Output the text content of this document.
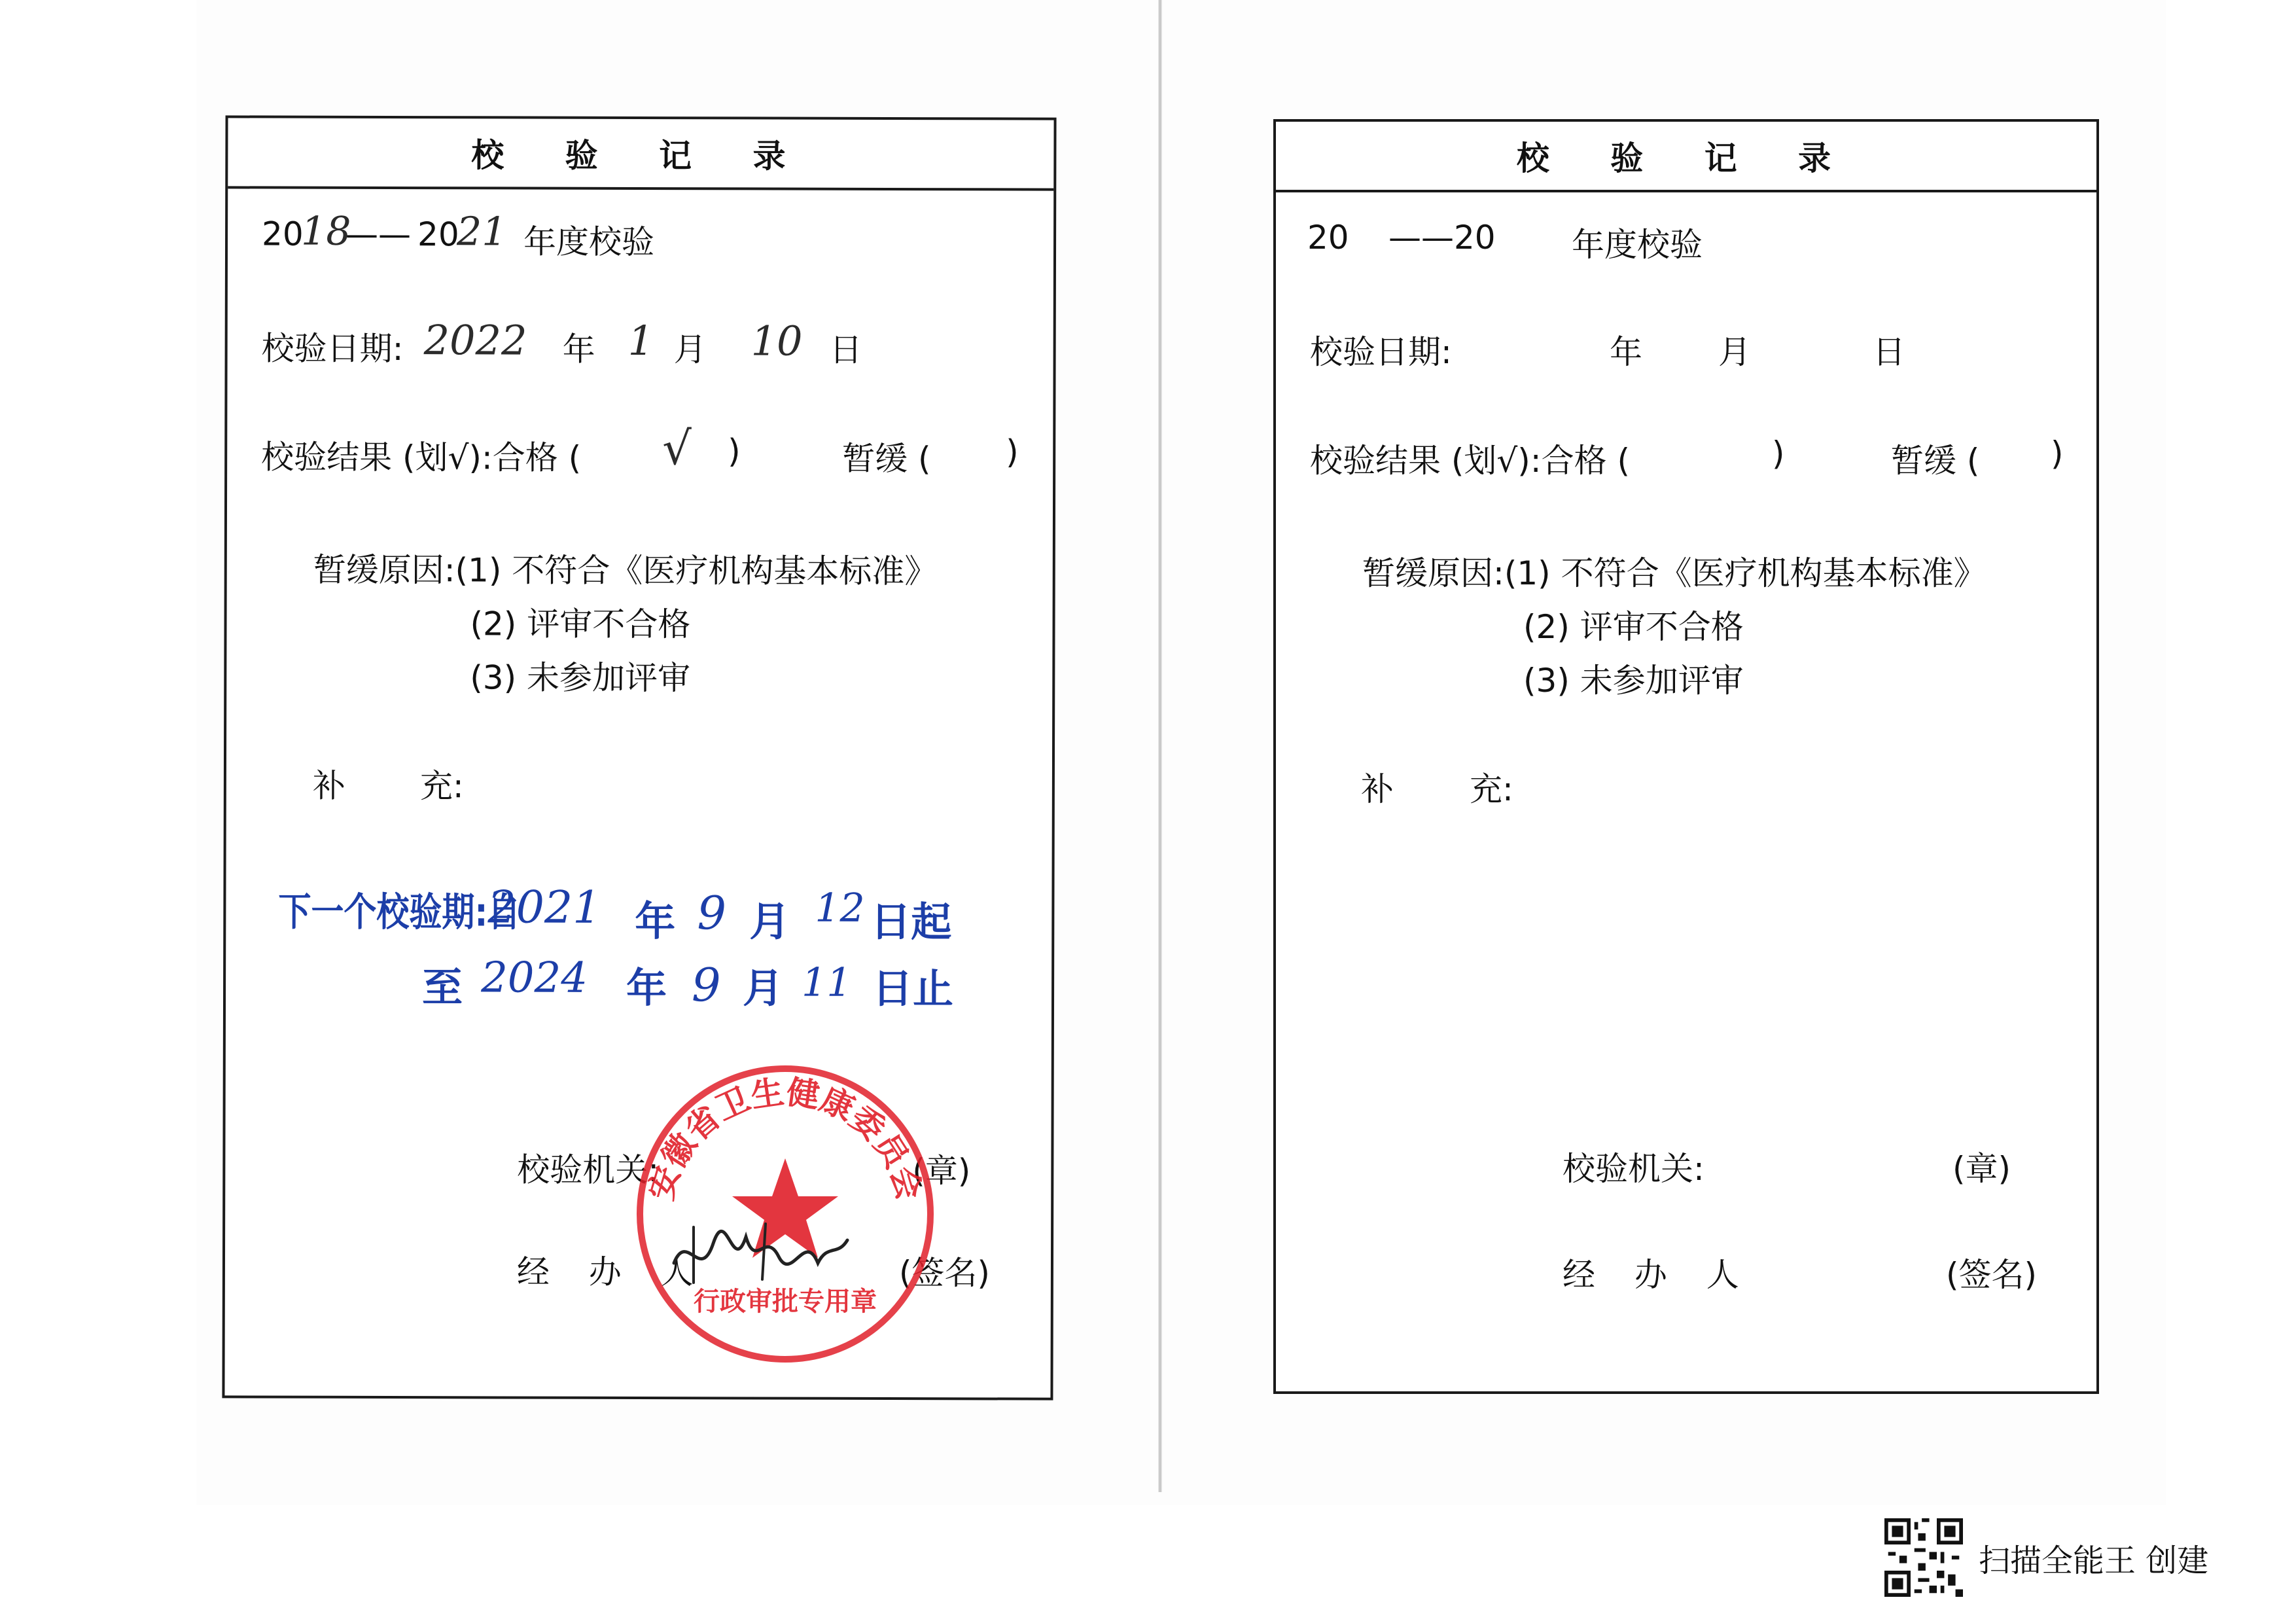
校 验 记 录
20
18
—— 20
21 年度校验
校验日期: 2022 年 1 月 10 日
校验结果 (划√):合格 ( √ )	暂缓 ( )
暂缓原因:(1) 不符合《医疗机构基本标准》
(2) 评审不合格
(3) 未参加评审
补 充:
下一个校验期:自
2021 年 9 月 12 日起
至 2024 年 9 月 11 日止
校验机关:	(章)
经 办 人	(签名)
安徽省卫生健康委员会
行政审批专用章
校 验 记 录
20 —— 20 年度校验
校验日期:	年 月	日
校验结果 (划√):合格 (	)	暂缓 ( )
暂缓原因:(1) 不符合《医疗机构基本标准》
(2) 评审不合格
(3) 未参加评审
补 充:
校验机关:	(章)
经 办 人	(签名)
扫描全能王 创建
